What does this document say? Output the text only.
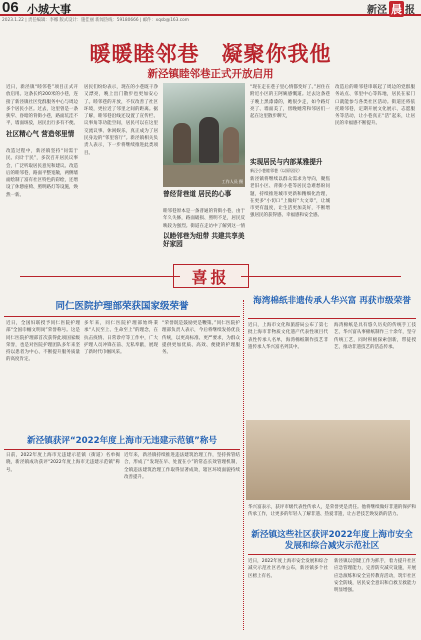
06 小城大事	新泾 晨 报
2023.1.22 | 责任编辑：李娜 版式设计：施佳丽 新闻热线：59180666 | 邮件：xqsb@163.com
暖暖睦邻巷　凝聚你我他
新泾镇睦邻巷正式开放启用
近日，新泾镇“睦邻巷”项目正式开放启用。这条长约200米的小巷，连接了新泾镇社区党群服务中心与周边多个居民小区。过去，这里曾是一条狭窄、昏暗的背街小巷，路面坑洼不平，墙面斑驳，居民出行多有不便。
社区精心气 营造邻里情
改造过程中，新泾镇坚持“问需于民、问计于民”，多次召开居民议事会，广泛听取居民意见和建议。改造后的睦邻巷，路面平整宽敞，两侧墙面绘制了富有社区特色的彩绘，还增设了休憩座椅、照明路灯等设施，焕然一新。
居民们纷纷表示，现在的小巷既干净又漂亮，晚上出门散步也更加安心了。睦邻巷的开放，不仅改善了社区环境，更拉近了邻里之间的距离。据了解，睦邻巷沿线还设置了宣传栏、议事角等功能空间，居民可以在这里交流议事、休闲娱乐，真正成为了居民身边的“邻里客厅”。新泾镇相关负责人表示，下一步将继续推进此类项目。
工作人员 摄
曾经背巷道 居民的心事
睦邻巷原本是一条普通的背街小巷，由于年久失修，路面破损、照明不足，居民反映较为强烈。街道在走访中了解到这一情
“现在走在巷子里心情都变好了。”居住在附近小区的王阿姨感慨道。过去这条巷子晚上黑漆漆的，她很少走，如今路灯亮了、墙面美了，傍晚她常和邻居们一起在这里散步聊天，
实现居民与内部某雅提升
新泾小巷睦邻巷（以原居民）
新泾镇将继续以群众需求为导向，聚焦老旧小区、背街小巷等居民急难愁盼问题，持续推进城市更新和精细化治理，在更多“小切口”上做好“大文章”，让城市更有温度，让生活更加美好，不断增强居民的获得感、幸福感和安全感。
以睦邻巷为纽带 共建共享美好家园
改造后的睦邻巷串联起了周边的党群服务站点、邻里中心等阵地，居民在家门口就能参与各类社区活动。街道还将依托睦邻巷，定期开展文化展示、志愿服务等活动，让小巷真正“活”起来，让居民的幸福感不断提升。
喜报
同仁医院护理部荣获国家级荣誉
近日，全国妇联授予同仁医院护理部“全国巾帼文明岗”荣誉称号。这是同仁医院护理部首次获得此项国家级荣誉，也是对医院护理团队多年来坚持以患者为中心、不断提升服务质量的高度肯定。
多年来，同仁医院护理部始终秉承“人民至上、生命至上”的理念，在抗击疫情、日常诊疗等工作中，广大护理人员冲锋在前、无私奉献，展现了新时代巾帼风采。
“荣誉既是鼓励更是鞭策。”同仁医院护理部负责人表示，今后将继续发扬优良传统，以更高标准、更严要求，为群众提供更加优质、高效、便捷的护理服务。
海湾棉纸非遗传承人华兴富 再获市级荣誉
近日，上海市文化和旅游局公布了第七批上海市非物质文化遗产代表性项目代表性传承人名单，海湾棉纸制作技艺非遗传承人华兴富名列其中。
海湾棉纸是具有悠久历史的传统手工技艺，华兴富从事棉纸制作三十余年，坚守传统工艺，同时积极探索创新，带徒授艺，推动非遗技艺的活态传承。
华兴富表示，获评市级代表性传承人，是荣誉更是责任。他将继续做好非遗的保护和传承工作，让更多的年轻人了解非遗、热爱非遗，让古老技艺焕发新的活力。
新泾镇获评“2022年度上海市无违建示范镇”称号
日前，2022年度上海市无违建示范镇（街道）名单揭晓，新泾镇成功获评“2022年度上海市无违建示范镇”称号。
近年来，新泾镇持续推进违法建筑治理工作，坚持拆管结合，形成了“发现在早、处置在小”的常态长效管理机制，全镇违法建筑治理工作取得显著成效，辖区环境面貌持续改善提升。
新泾镇这些社区获评2022年度上海市安全发展和综合减灾示范社区
近日，2022年度上海市安全发展和综合减灾示范社区名单公布，新泾镇多个社区榜上有名。
新泾镇以创建工作为抓手，着力提升社区应急管理能力，完善防灾减灾设施，开展应急演练和安全宣传教育活动，筑牢社区安全防线，居民安全意识和自救互救能力明显增强。
